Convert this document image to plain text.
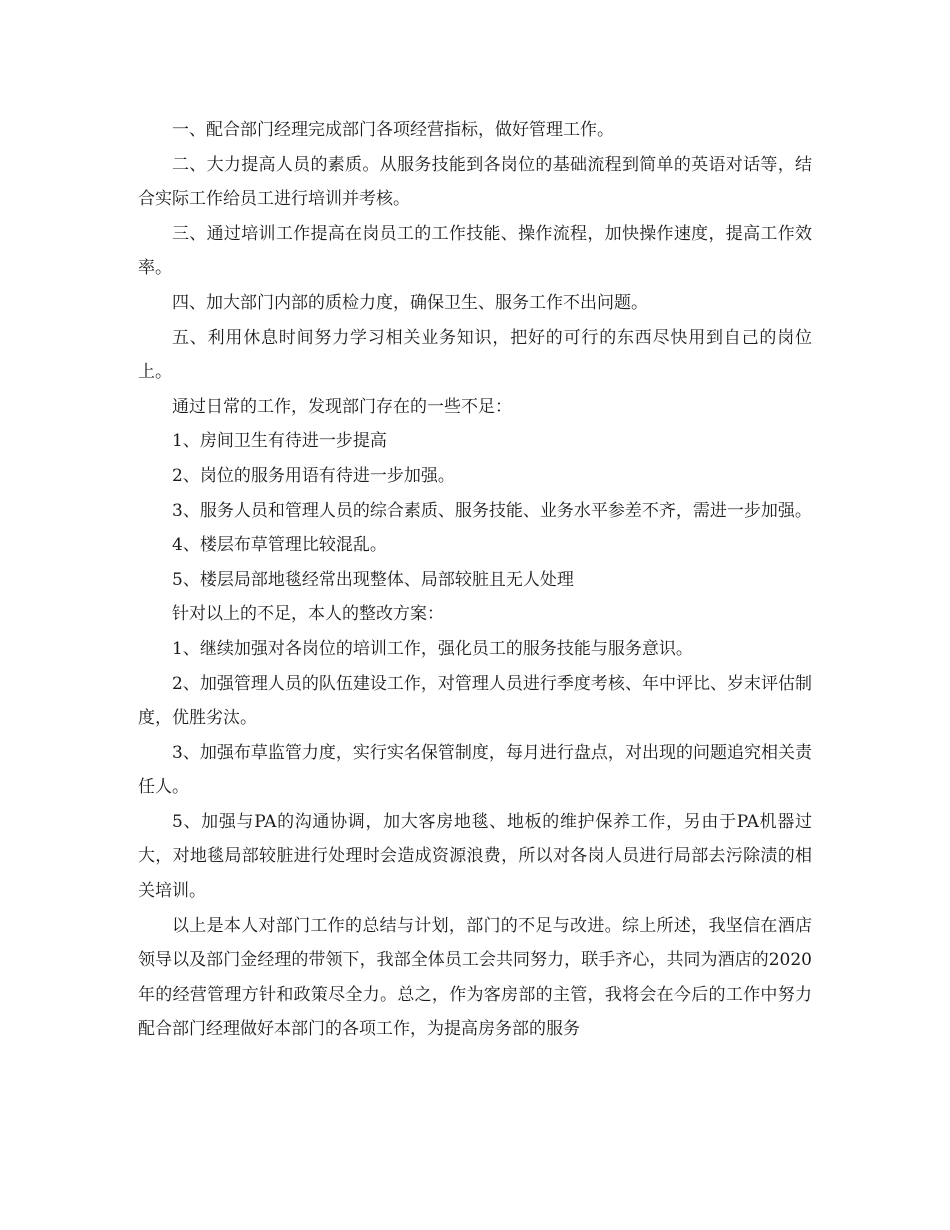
一、配合部门经理完成部门各项经营指标，做好管理工作。

二、大力提高人员的素质。从服务技能到各岗位的基础流程到简单的英语对话等，结合实际工作给员工进行培训并考核。

三、通过培训工作提高在岗员工的工作技能、操作流程，加快操作速度，提高工作效率。

四、加大部门内部的质检力度，确保卫生、服务工作不出问题。

五、利用休息时间努力学习相关业务知识，把好的可行的东西尽快用到自己的岗位上。

通过日常的工作，发现部门存在的一些不足：

1、房间卫生有待进一步提高

2、岗位的服务用语有待进一步加强。

3、服务人员和管理人员的综合素质、服务技能、业务水平参差不齐，需进一步加强。

4、楼层布草管理比较混乱。

5、楼层局部地毯经常出现整体、局部较脏且无人处理

针对以上的不足，本人的整改方案：

1、继续加强对各岗位的培训工作，强化员工的服务技能与服务意识。

2、加强管理人员的队伍建设工作，对管理人员进行季度考核、年中评比、岁末评估制度，优胜劣汰。

3、加强布草监管力度，实行实名保管制度，每月进行盘点，对出现的问题追究相关责任人。

5、加强与PA的沟通协调，加大客房地毯、地板的维护保养工作，另由于PA机器过大，对地毯局部较脏进行处理时会造成资源浪费，所以对各岗人员进行局部去污除渍的相关培训。

以上是本人对部门工作的总结与计划，部门的不足与改进。综上所述，我坚信在酒店领导以及部门金经理的带领下，我部全体员工会共同努力，联手齐心，共同为酒店的2020年的经营管理方针和政策尽全力。总之，作为客房部的主管，我将会在今后的工作中努力配合部门经理做好本部门的各项工作，为提高房务部的服务
